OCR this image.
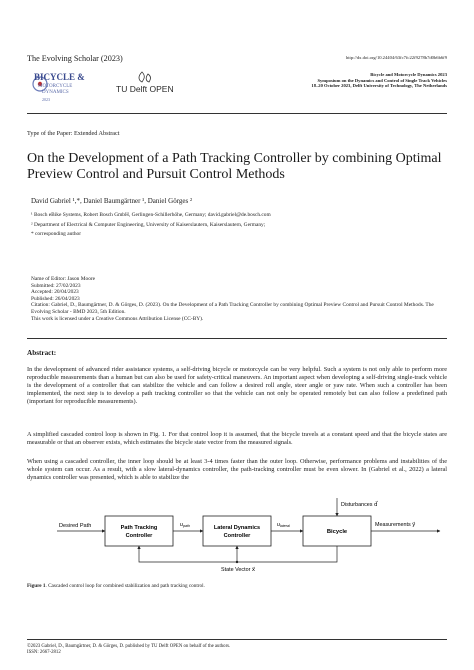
The Evolving Scholar (2023)	http://dx.doi.org/10.24404/63fc7fc22f9278b7d0b6b6f9
BICYCLE &
MOTORCYCLE
DYNAMICS
2023
TU Delft OPEN
Bicycle and Motorcycle Dynamics 2023
Symposium on the Dynamics and Control of Single Track Vehicles
18–20 October 2023, Delft University of Technology, The Netherlands
Type of the Paper: Extended Abstract
On the Development of a Path Tracking Controller by combining Optimal Preview Control and Pursuit Control Methods
David Gabriel ¹,*, Daniel Baumgärtner ¹, Daniel Görges ²
¹ Bosch eBike Systems, Robert Bosch GmbH, Gerlingen-Schillerhöhe, Germany; david.gabriel@de.bosch.com
² Department of Electrical & Computer Engineering, University of Kaiserslautern, Kaiserslautern, Germany;
* corresponding author
Name of Editor: Jason Moore
Submitted: 27/02/2023
Accepted: 20/04/2023
Published: 26/04/2023
Citation: Gabriel, D., Baumgärtner, D. & Görges, D. (2023). On the Development of a Path Tracking Controller by combining Optimal Preview Control and Pursuit Control Methods. The Evolving Scholar - BMD 2023, 5th Edition.
This work is licensed under a Creative Commons Attribution License (CC-BY).
Abstract:
In the development of advanced rider assistance systems, a self-driving bicycle or motorcycle can be very helpful. Such a system is not only able to perform more reproducible measurements than a human but can also be used for safety-critical maneuvers. An important aspect when developing a self-driving single-track vehicle is the development of a controller that can stabilize the vehicle and can follow a desired roll angle, steer angle or yaw rate. When such a controller has been implemented, the next step is to develop a path tracking controller so that the vehicle can not only be operated remotely but can also follow a predefined path (important for reproducible measurements).
A simplified cascaded control loop is shown in Fig. 1. For that control loop it is assumed, that the bicycle travels at a constant speed and that the bicycle states are measurable or that an observer exists, which estimates the bicycle state vector from the measured signals.
When using a cascaded controller, the inner loop should be at least 3-4 times faster than the outer loop. Otherwise, performance problems and instabilities of the whole system can occur. As a result, with a slow lateral-dynamics controller, the path-tracking controller must be even slower. In (Gabriel et al., 2022) a lateral dynamics controller was presented, which is able to stabilize the
Desired Path	Path Tracking
Controller
upath	Lateral Dynamics
Controller
ulateral
Bicycle
Disturbances d⃗
Measurements y⃗
State Vector x⃗
Figure 1. Cascaded control loop for combined stabilization and path tracking control.
©2023 Gabriel, D., Baumgärtner, D. & Görges, D. published by TU Delft OPEN on behalf of the authors.
ISSN: 2667-2812
